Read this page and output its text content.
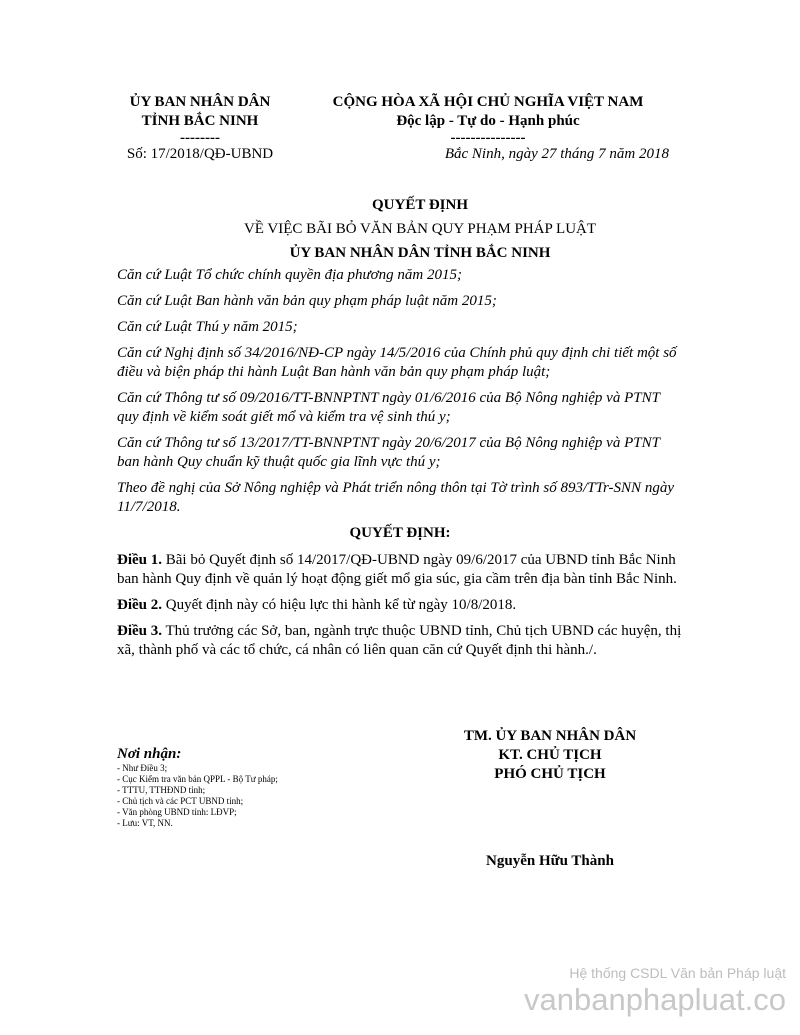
ỦY BAN NHÂN DÂN
TỈNH BẮC NINH
--------
Số: 17/2018/QĐ-UBND
CỘNG HÒA XÃ HỘI CHỦ NGHĨA VIỆT NAM
Độc lập - Tự do - Hạnh phúc
---------------
Bắc Ninh, ngày 27 tháng 7 năm 2018
QUYẾT ĐỊNH
VỀ VIỆC BÃI BỎ VĂN BẢN QUY PHẠM PHÁP LUẬT
ỦY BAN NHÂN DÂN TỈNH BẮC NINH

Căn cứ Luật Tổ chức chính quyền địa phương năm 2015;

Căn cứ Luật Ban hành văn bản quy phạm pháp luật năm 2015;

Căn cứ Luật Thú y năm 2015;

Căn cứ Nghị định số 34/2016/NĐ-CP ngày 14/5/2016 của Chính phủ quy định chi tiết một số điều và biện pháp thi hành Luật Ban hành văn bản quy phạm pháp luật;

Căn cứ Thông tư số 09/2016/TT-BNNPTNT ngày 01/6/2016 của Bộ Nông nghiệp và PTNT quy định về kiểm soát giết mổ và kiểm tra vệ sinh thú y;

Căn cứ Thông tư số 13/2017/TT-BNNPTNT ngày 20/6/2017 của Bộ Nông nghiệp và PTNT ban hành Quy chuẩn kỹ thuật quốc gia lĩnh vực thú y;

Theo đề nghị của Sở Nông nghiệp và Phát triển nông thôn tại Tờ trình số 893/TTr-SNN ngày 11/7/2018.

QUYẾT ĐỊNH:

Điều 1. Bãi bỏ Quyết định số 14/2017/QĐ-UBND ngày 09/6/2017 của UBND tỉnh Bắc Ninh ban hành Quy định về quản lý hoạt động giết mổ gia súc, gia cầm trên địa bàn tỉnh Bắc Ninh.

Điều 2. Quyết định này có hiệu lực thi hành kể từ ngày 10/8/2018.

Điều 3. Thủ trưởng các Sở, ban, ngành trực thuộc UBND tỉnh, Chủ tịch UBND các huyện, thị xã, thành phố và các tổ chức, cá nhân có liên quan căn cứ Quyết định thi hành./.

TM. ỦY BAN NHÂN DÂN
KT. CHỦ TỊCH
PHÓ CHỦ TỊCH
Nguyễn Hữu Thành
Nơi nhận:
- Như Điều 3;
- Cục Kiểm tra văn bản QPPL - Bộ Tư pháp;
- TTTU, TTHĐND tỉnh;
- Chủ tịch và các PCT UBND tỉnh;
- Văn phòng UBND tỉnh: LĐVP;
- Lưu: VT, NN.
Hệ thống CSDL Văn bản Pháp luật
vanbanphapluat.co
